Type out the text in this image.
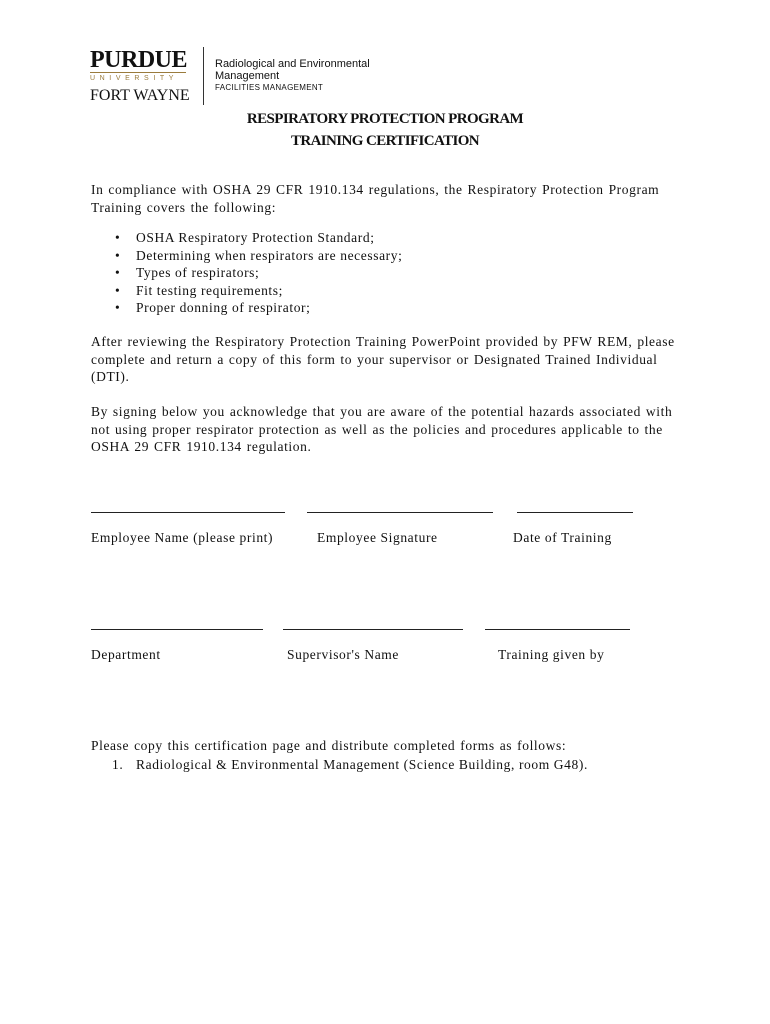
PURDUE
UNIVERSITY
FORT WAYNE
Radiological and Environmental
Management
FACILITIES MANAGEMENT
RESPIRATORY PROTECTION PROGRAM
TRAINING CERTIFICATION
In compliance with OSHA 29 CFR 1910.134 regulations, the Respiratory Protection Program Training covers the following:
• OSHA Respiratory Protection Standard;
• Determining when respirators are necessary;
• Types of respirators;
• Fit testing requirements;
• Proper donning of respirator;
After reviewing the Respiratory Protection Training PowerPoint provided by PFW REM, please complete and return a copy of this form to your supervisor or Designated Trained Individual (DTI).
By signing below you acknowledge that you are aware of the potential hazards associated with not using proper respirator protection as well as the policies and procedures applicable to the OSHA 29 CFR 1910.134 regulation.
Employee Name (please print)	Employee Signature	Date of Training
Department	Supervisor's Name	Training given by
Please copy this certification page and distribute completed forms as follows:
1. Radiological & Environmental Management (Science Building, room G48).
